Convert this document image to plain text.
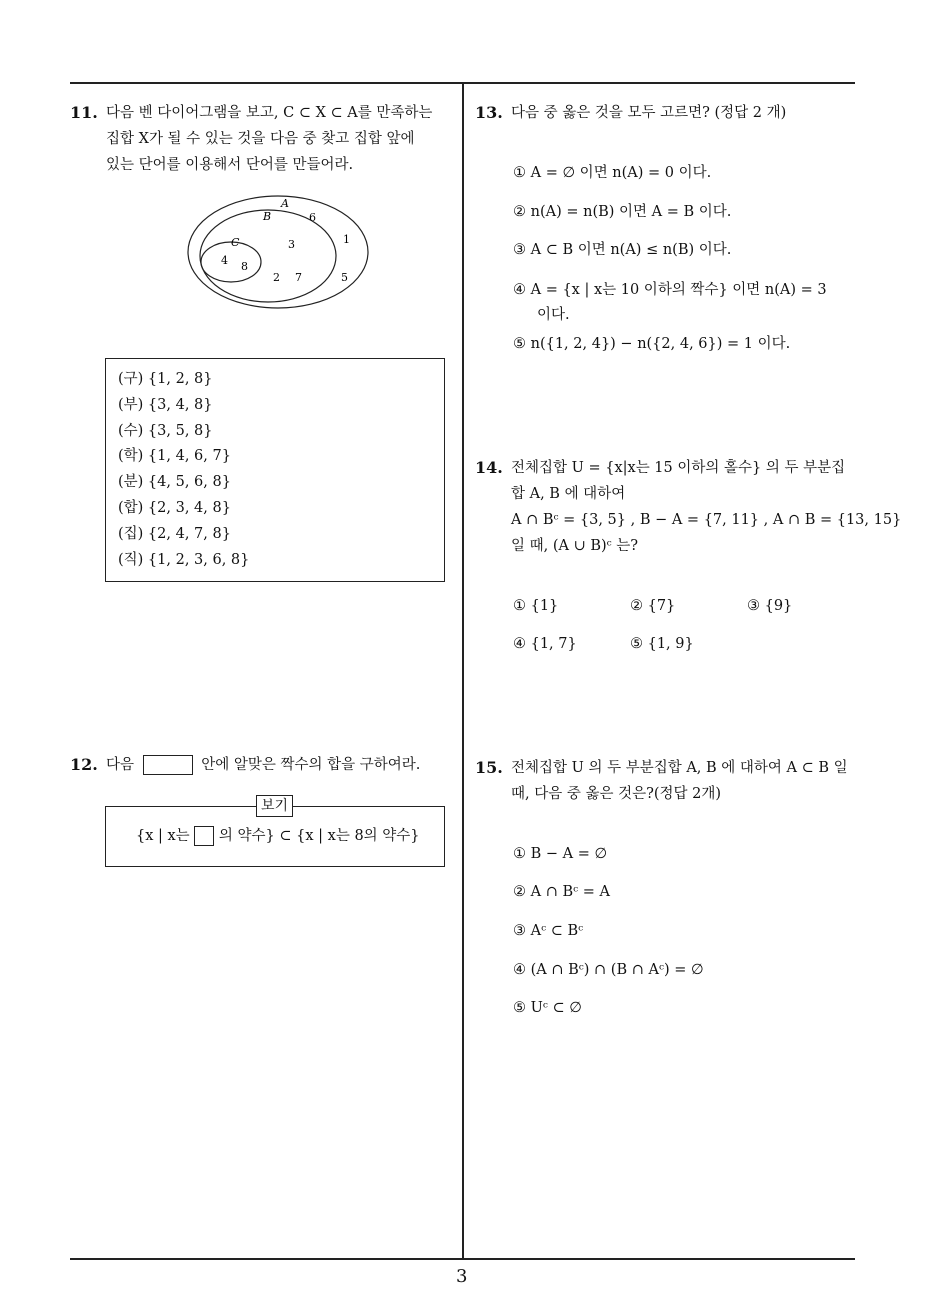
11. 다음 벤 다이어그램을 보고, C ⊂ X ⊂ A를 만족하는
집합 X가 될 수 있는 것을 다음 중 찾고 집합 앞에
있는 단어를 이용해서 단어를 만들어라.
A
B
C
6
1
3
4 8
2 7	5
(구) {1, 2, 8}
(부) {3, 4, 8}
(수) {3, 5, 8}
(학) {1, 4, 6, 7}
(분) {4, 5, 6, 8}
(합) {2, 3, 4, 8}
(집) {2, 4, 7, 8}
(직) {1, 2, 3, 6, 8}
12. 다음	안에 알맞은 짝수의 합을 구하여라.
보기
{x | x는 의 약수} ⊂ {x | x는 8의 약수}
13. 다음 중 옳은 것을 모두 고르면? (정답 2 개)
① A = ∅ 이면 n(A) = 0 이다.
② n(A) = n(B) 이면 A = B 이다.
③ A ⊂ B 이면 n(A) ≤ n(B) 이다.
④ A = {x | x는 10 이하의 짝수} 이면 n(A) = 3
이다.
⑤ n({1, 2, 4}) − n({2, 4, 6}) = 1 이다.
14. 전체집합 U = {x|x는 15 이하의 홀수} 의 두 부분집
합 A, B 에 대하여
A ∩ Bᶜ = {3, 5} , B − A = {7, 11} , A ∩ B = {13, 15}
일 때, (A ∪ B)ᶜ 는?
① {1}	② {7}	③ {9}
④ {1, 7}	⑤ {1, 9}
15. 전체집합 U 의 두 부분집합 A, B 에 대하여 A ⊂ B 일
때, 다음 중 옳은 것은?(정답 2개)
① B − A = ∅
② A ∩ Bᶜ = A
③ Aᶜ ⊂ Bᶜ
④ (A ∩ Bᶜ) ∩ (B ∩ Aᶜ) = ∅
⑤ Uᶜ ⊂ ∅
3
